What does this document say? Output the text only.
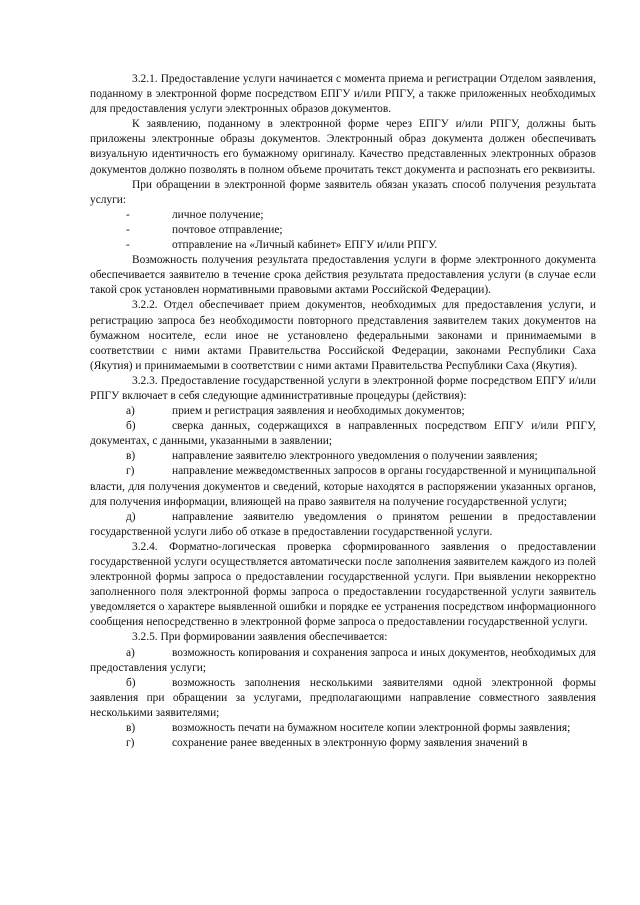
3.2.1. Предоставление услуги начинается с момента приема и регистрации Отделом заявления, поданному в электронной форме посредством ЕПГУ и/или РПГУ, а также приложенных необходимых для предоставления услуги электронных образов документов.

К заявлению, поданному в электронной форме через ЕПГУ и/или РПГУ, должны быть приложены электронные образы документов. Электронный образ документа должен обеспечивать визуальную идентичность его бумажному оригиналу. Качество представленных электронных образов документов должно позволять в полном объеме прочитать текст документа и распознать его реквизиты.

При обращении в электронной форме заявитель обязан указать способ получения результата услуги:

-	личное получение;

-	почтовое отправление;

-	отправление на «Личный кабинет» ЕПГУ и/или РПГУ.

Возможность получения результата предоставления услуги в форме электронного документа обеспечивается заявителю в течение срока действия результата предоставления услуги (в случае если такой срок установлен нормативными правовыми актами Российской Федерации).

3.2.2. Отдел обеспечивает прием документов, необходимых для предоставления услуги, и регистрацию запроса без необходимости повторного представления заявителем таких документов на бумажном носителе, если иное не установлено федеральными законами и принимаемыми в соответствии с ними актами Правительства Российской Федерации, законами Республики Саха (Якутия) и принимаемыми в соответствии с ними актами Правительства Республики Саха (Якутия).

3.2.3. Предоставление государственной услуги в электронной форме посредством ЕПГУ и/или РПГУ включает в себя следующие административные процедуры (действия):

а)	прием и регистрация заявления и необходимых документов;

б)	сверка данных, содержащихся в направленных посредством ЕПГУ и/или РПГУ, документах, с данными, указанными в заявлении;

в)	направление заявителю электронного уведомления о получении заявления;

г)	направление межведомственных запросов в органы государственной и муниципальной власти, для получения документов и сведений, которые находятся в распоряжении указанных органов, для получения информации, влияющей на право заявителя на получение государственной услуги;

д)	направление заявителю уведомления о принятом решении в предоставлении государственной услуги либо об отказе в предоставлении государственной услуги.

3.2.4. Форматно-логическая проверка сформированного заявления о предоставлении государственной услуги осуществляется автоматически после заполнения заявителем каждого из полей электронной формы запроса о предоставлении государственной услуги. При выявлении некорректно заполненного поля электронной формы запроса о предоставлении государственной услуги заявитель уведомляется о характере выявленной ошибки и порядке ее устранения посредством информационного сообщения непосредственно в электронной форме запроса о предоставлении государственной услуги.

3.2.5. При формировании заявления обеспечивается:

а)	возможность копирования и сохранения запроса и иных документов, необходимых для предоставления услуги;

б)	возможность заполнения несколькими заявителями одной электронной формы заявления при обращении за услугами, предполагающими направление совместного заявления несколькими заявителями;

в)	возможность печати на бумажном носителе копии электронной формы заявления;

г)	сохранение ранее введенных в электронную форму заявления значений в
